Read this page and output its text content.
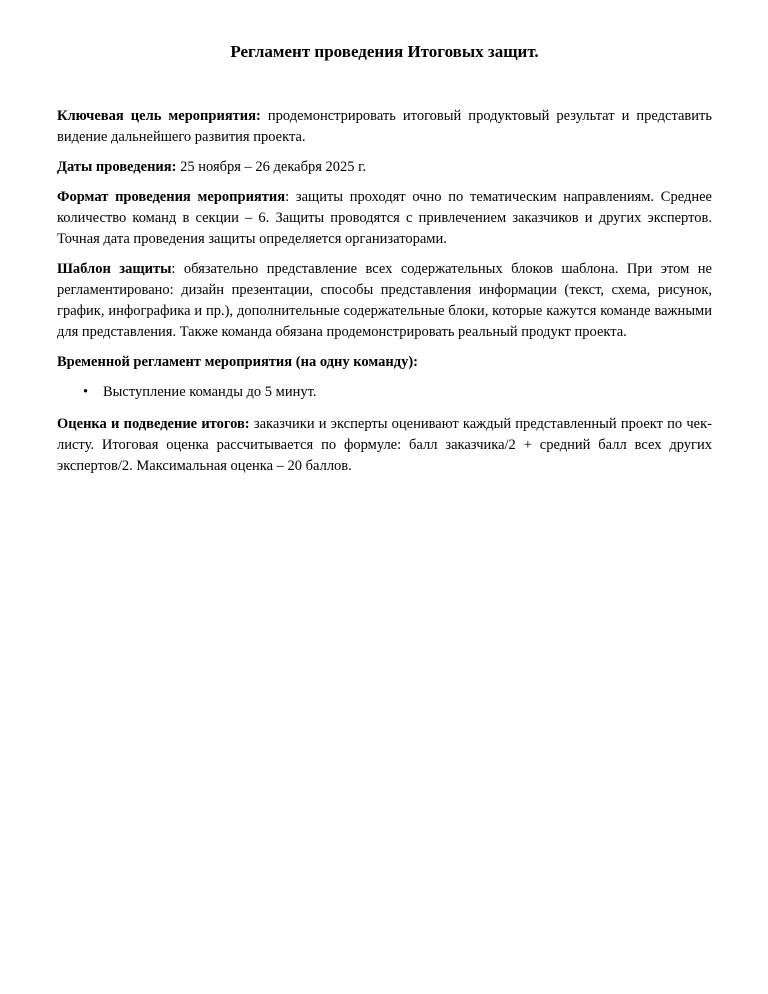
Регламент проведения Итоговых защит.

Ключевая цель мероприятия: продемонстрировать итоговый продуктовый результат и представить видение дальнейшего развития проекта.

Даты проведения: 25 ноября – 26 декабря 2025 г.

Формат проведения мероприятия: защиты проходят очно по тематическим направлениям. Среднее количество команд в секции – 6. Защиты проводятся с привлечением заказчиков и других экспертов. Точная дата проведения защиты определяется организаторами.

Шаблон защиты: обязательно представление всех содержательных блоков шаблона. При этом не регламентировано: дизайн презентации, способы представления информации (текст, схема, рисунок, график, инфографика и пр.), дополнительные содержательные блоки, которые кажутся команде важными для представления. Также команда обязана продемонстрировать реальный продукт проекта.

Временной регламент мероприятия (на одну команду):

•	Выступление команды до 5 минут.

Оценка и подведение итогов: заказчики и эксперты оценивают каждый представленный проект по чек-листу. Итоговая оценка рассчитывается по формуле: балл заказчика/2 + средний балл всех других экспертов/2. Максимальная оценка – 20 баллов.
